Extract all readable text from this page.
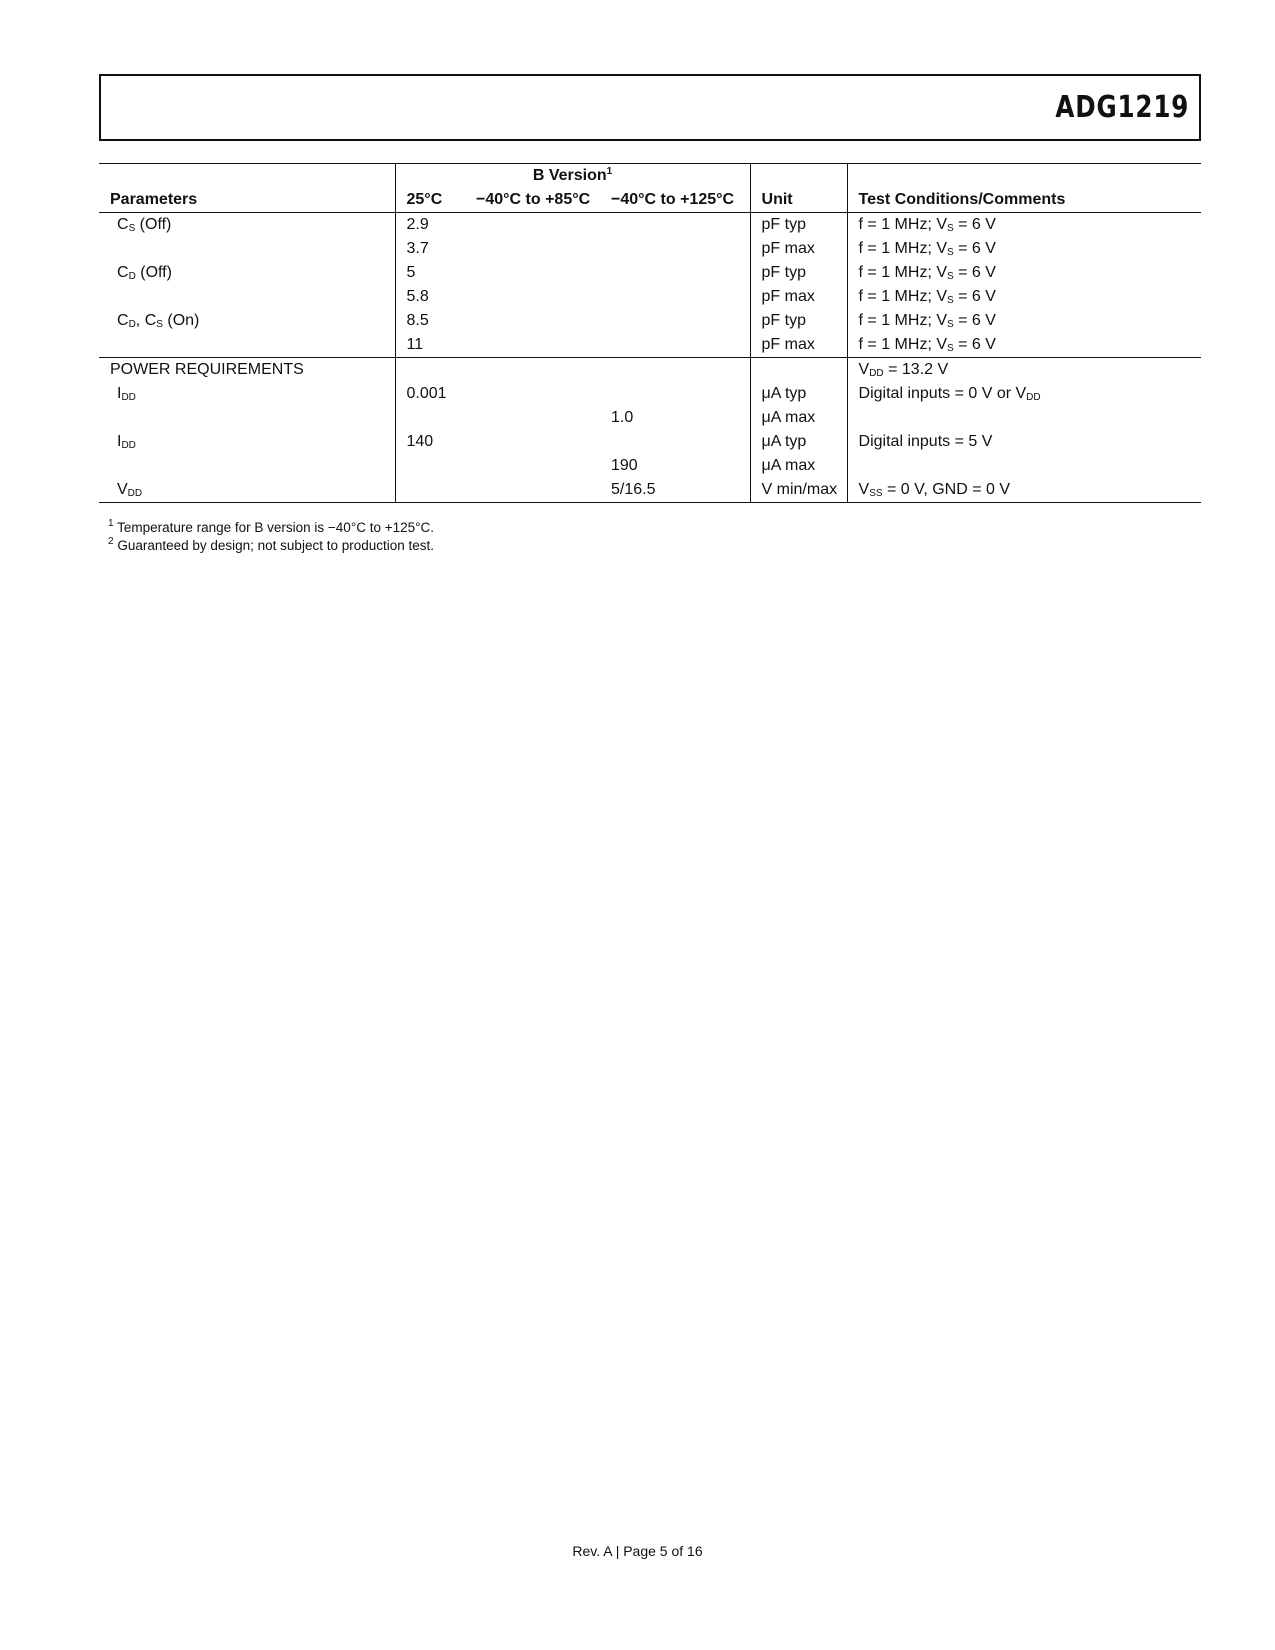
ADG1219
	B Version$^1$		
Parameters	25°C	−40°C to +85°C	−40°C to +125°C	Unit	Test Conditions/Comments
$C_S$ (Off)	2.9			pF typ	f = 1 MHz; $V_S = 6$ V
	3.7			pF max	f = 1 MHz; $V_S = 6$ V
$C_D$ (Off)	5			pF typ	f = 1 MHz; $V_S = 6$ V
	5.8			pF max	f = 1 MHz; $V_S = 6$ V
$C_D$, $C_S$ (On)	8.5			pF typ	f = 1 MHz; $V_S = 6$ V
	11			pF max	f = 1 MHz; $V_S = 6$ V
POWER REQUIREMENTS					$V_{DD} = 13.2$ V
$I_{DD}$	0.001			μA typ	Digital inputs = 0 V or $V_{DD}$
			1.0	μA max	
$I_{DD}$	140			μA typ	Digital inputs = 5 V
			190	μA max	
$V_{DD}$			5/16.5	V min/max	$V_{SS} = 0$ V, GND = 0 V
$^1$ Temperature range for B version is −40°C to +125°C.
$^2$ Guaranteed by design; not subject to production test.
Rev. A | Page 5 of 16
